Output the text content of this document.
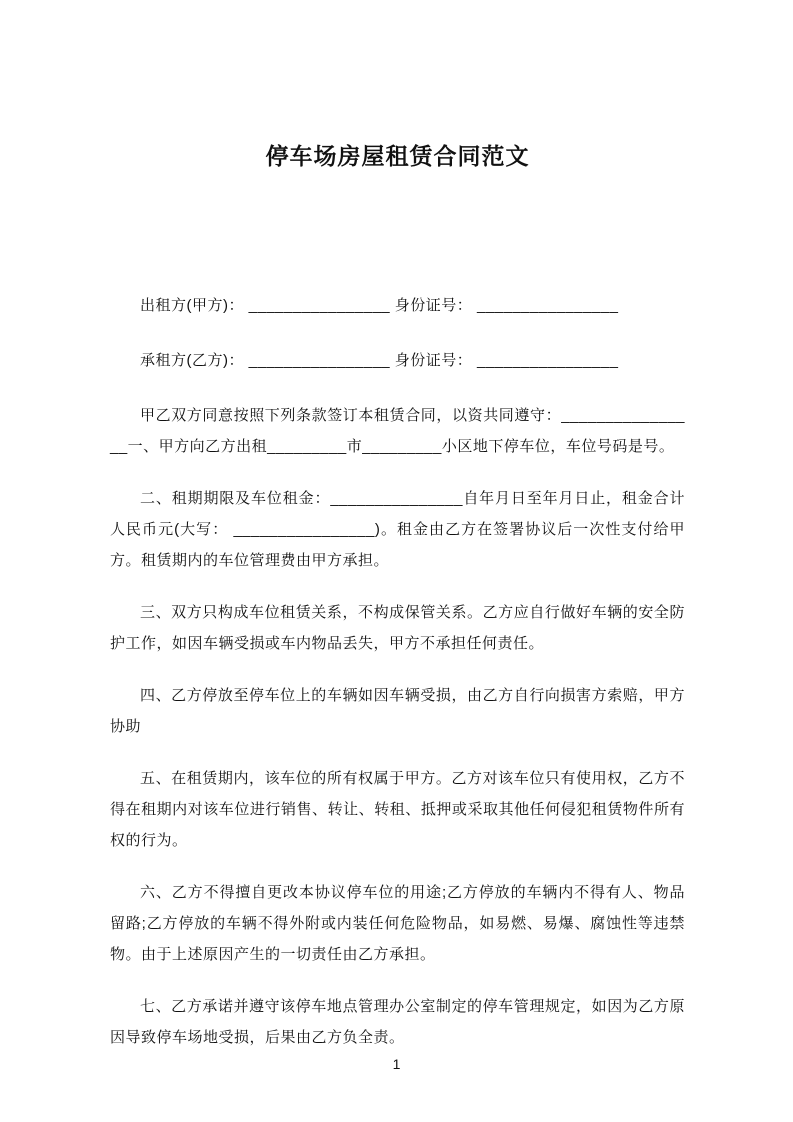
停车场房屋租赁合同范文

出租方(甲方)： ________________ 身份证号： ________________

承租方(乙方)： ________________ 身份证号： ________________

甲乙双方同意按照下列条款签订本租赁合同，以资共同遵守：________________一、甲方向乙方出租_________市_________小区地下停车位，车位号码是号。

二、租期期限及车位租金：_______________自年月日至年月日止，租金合计人民币元(大写： ________________)。租金由乙方在签署协议后一次性支付给甲方。租赁期内的车位管理费由甲方承担。

三、双方只构成车位租赁关系，不构成保管关系。乙方应自行做好车辆的安全防护工作，如因车辆受损或车内物品丢失，甲方不承担任何责任。

四、乙方停放至停车位上的车辆如因车辆受损，由乙方自行向损害方索赔，甲方协助

五、在租赁期内，该车位的所有权属于甲方。乙方对该车位只有使用权，乙方不得在租期内对该车位进行销售、转让、转租、抵押或采取其他任何侵犯租赁物件所有权的行为。

六、乙方不得擅自更改本协议停车位的用途;乙方停放的车辆内不得有人、物品留路;乙方停放的车辆不得外附或内装任何危险物品，如易燃、易爆、腐蚀性等违禁物。由于上述原因产生的一切责任由乙方承担。

七、乙方承诺并遵守该停车地点管理办公室制定的停车管理规定，如因为乙方原因导致停车场地受损，后果由乙方负全责。

1
